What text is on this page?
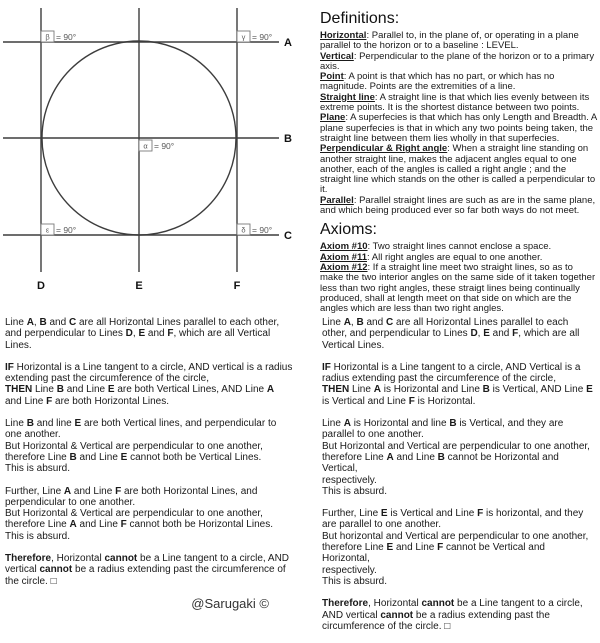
A
B
C
D	E	F
β = 90°	γ = 90°
α = 90°
ε = 90°	δ = 90°
Definitions:
Horizontal: Parallel to, in the plane of, or operating in a plane parallel to the horizon or to a baseline : LEVEL.
Vertical: Perpendicular to the plane of the horizon or to a primary axis.
Point: A point is that which has no part, or which has no magnitude. Points are the extremities of a line.
Straight line: A straight line is that which lies evenly between its extreme points. It is the shortest distance between two points.
Plane: A superfecies is that which has only Length and Breadth. A plane superfecies is that in which any two points being taken, the straight line between them lies wholly in that superfecies.
Perpendicular & Right angle: When a straight line standing on another straight line, makes the adjacent angles equal to one another, each of the angles is called a right angle ; and the straight line which stands on the other is called a perpendicular to it.
Parallel: Parallel straight lines are such as are in the same plane, and which being produced ever so far both ways do not meet.
Axioms:
Axiom #10: Two straight lines cannot enclose a space.
Axiom #11: All right angles are equal to one another.
Axiom #12: If a straight line meet two straight lines, so as to make the two interior angles on the same side of it taken together less than two right angles, these straigt lines being continually produced, shall at length meet on that side on which are the angles which are less than two right angles.

Line A, B and C are all Horizontal Lines parallel to each other, and perpendicular to Lines D, E and F, which are all Vertical Lines.

IF Horizontal is a Line tangent to a circle, AND vertical is a radius extending past the circumference of the circle,
THEN Line B and Line E are both Vertical Lines, AND Line A and Line F are both Horizontal Lines.

Line B and line E are both Vertical lines, and perpendicular to one another.
But Horizontal & Vertical are perpendicular to one another,
therefore Line B and Line E cannot both be Vertical Lines.
This is absurd.

Further, Line A and Line F are both Horizontal Lines, and perpendicular to one another.
But Horizontal & Vertical are perpendicular to one another,
therefore Line A and Line F cannot both be Horizontal Lines.
This is absurd.

Therefore, Horizontal cannot be a Line tangent to a circle, AND vertical cannot be a radius extending past the circumference of the circle. □

@Sarugaki ©

Line A, B and C are all Horizontal Lines parallel to each other, and perpendicular to Lines D, E and F, which are all Vertical Lines.

IF Horizontal is a Line tangent to a circle, AND Vertical is a radius extending past the circumference of the circle,
THEN Line A is Horizontal and Line B is Vertical, AND Line E is Vertical and Line F is Horizontal.

Line A is Horizontal and line B is Vertical, and they are parallel to one another.
But Horizontal and Vertical are perpendicular to one another,
therefore Line A and Line B cannot be Horizontal and Vertical,
respectively.
This is absurd.

Further, Line E is Vertical and Line F is horizontal, and they are parallel to one another.
But horizontal and Vertical are perpendicular to one another,
therefore Line E and Line F cannot be Vertical and Horizontal,
respectively.
This is absurd.

Therefore, Horizontal cannot be a Line tangent to a circle, AND vertical cannot be a radius extending past the circumference of the circle. □
